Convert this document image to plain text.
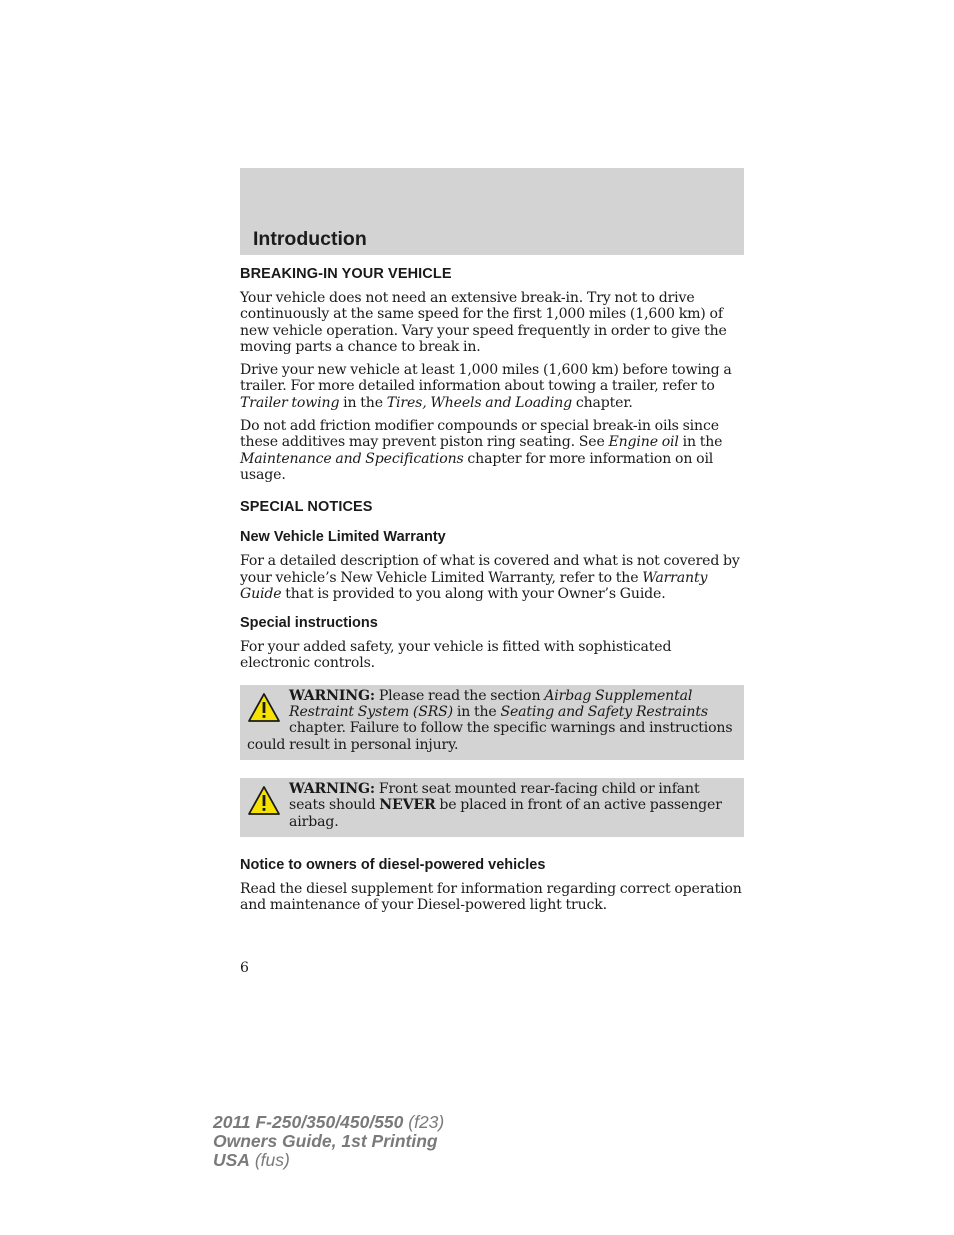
Introduction
BREAKING-IN YOUR VEHICLE

Your vehicle does not need an extensive break-in. Try not to drive continuously at the same speed for the first 1,000 miles (1,600 km) of new vehicle operation. Vary your speed frequently in order to give the moving parts a chance to break in.

Drive your new vehicle at least 1,000 miles (1,600 km) before towing a trailer. For more detailed information about towing a trailer, refer to Trailer towing in the Tires, Wheels and Loading chapter.

Do not add friction modifier compounds or special break-in oils since these additives may prevent piston ring seating. See Engine oil in the Maintenance and Specifications chapter for more information on oil usage.

SPECIAL NOTICES
New Vehicle Limited Warranty

For a detailed description of what is covered and what is not covered by your vehicle’s New Vehicle Limited Warranty, refer to the Warranty Guide that is provided to you along with your Owner’s Guide.

Special instructions

For your added safety, your vehicle is fitted with sophisticated electronic controls.

WARNING: Please read the section Airbag Supplemental Restraint System (SRS) in the Seating and Safety Restraints chapter. Failure to follow the specific warnings and instructions could result in personal injury.

WARNING: Front seat mounted rear-facing child or infant seats should NEVER be placed in front of an active passenger airbag.

Notice to owners of diesel-powered vehicles

Read the diesel supplement for information regarding correct operation and maintenance of your Diesel-powered light truck.

6
2011 F-250/350/450/550 (f23)
Owners Guide, 1st Printing
USA (fus)
